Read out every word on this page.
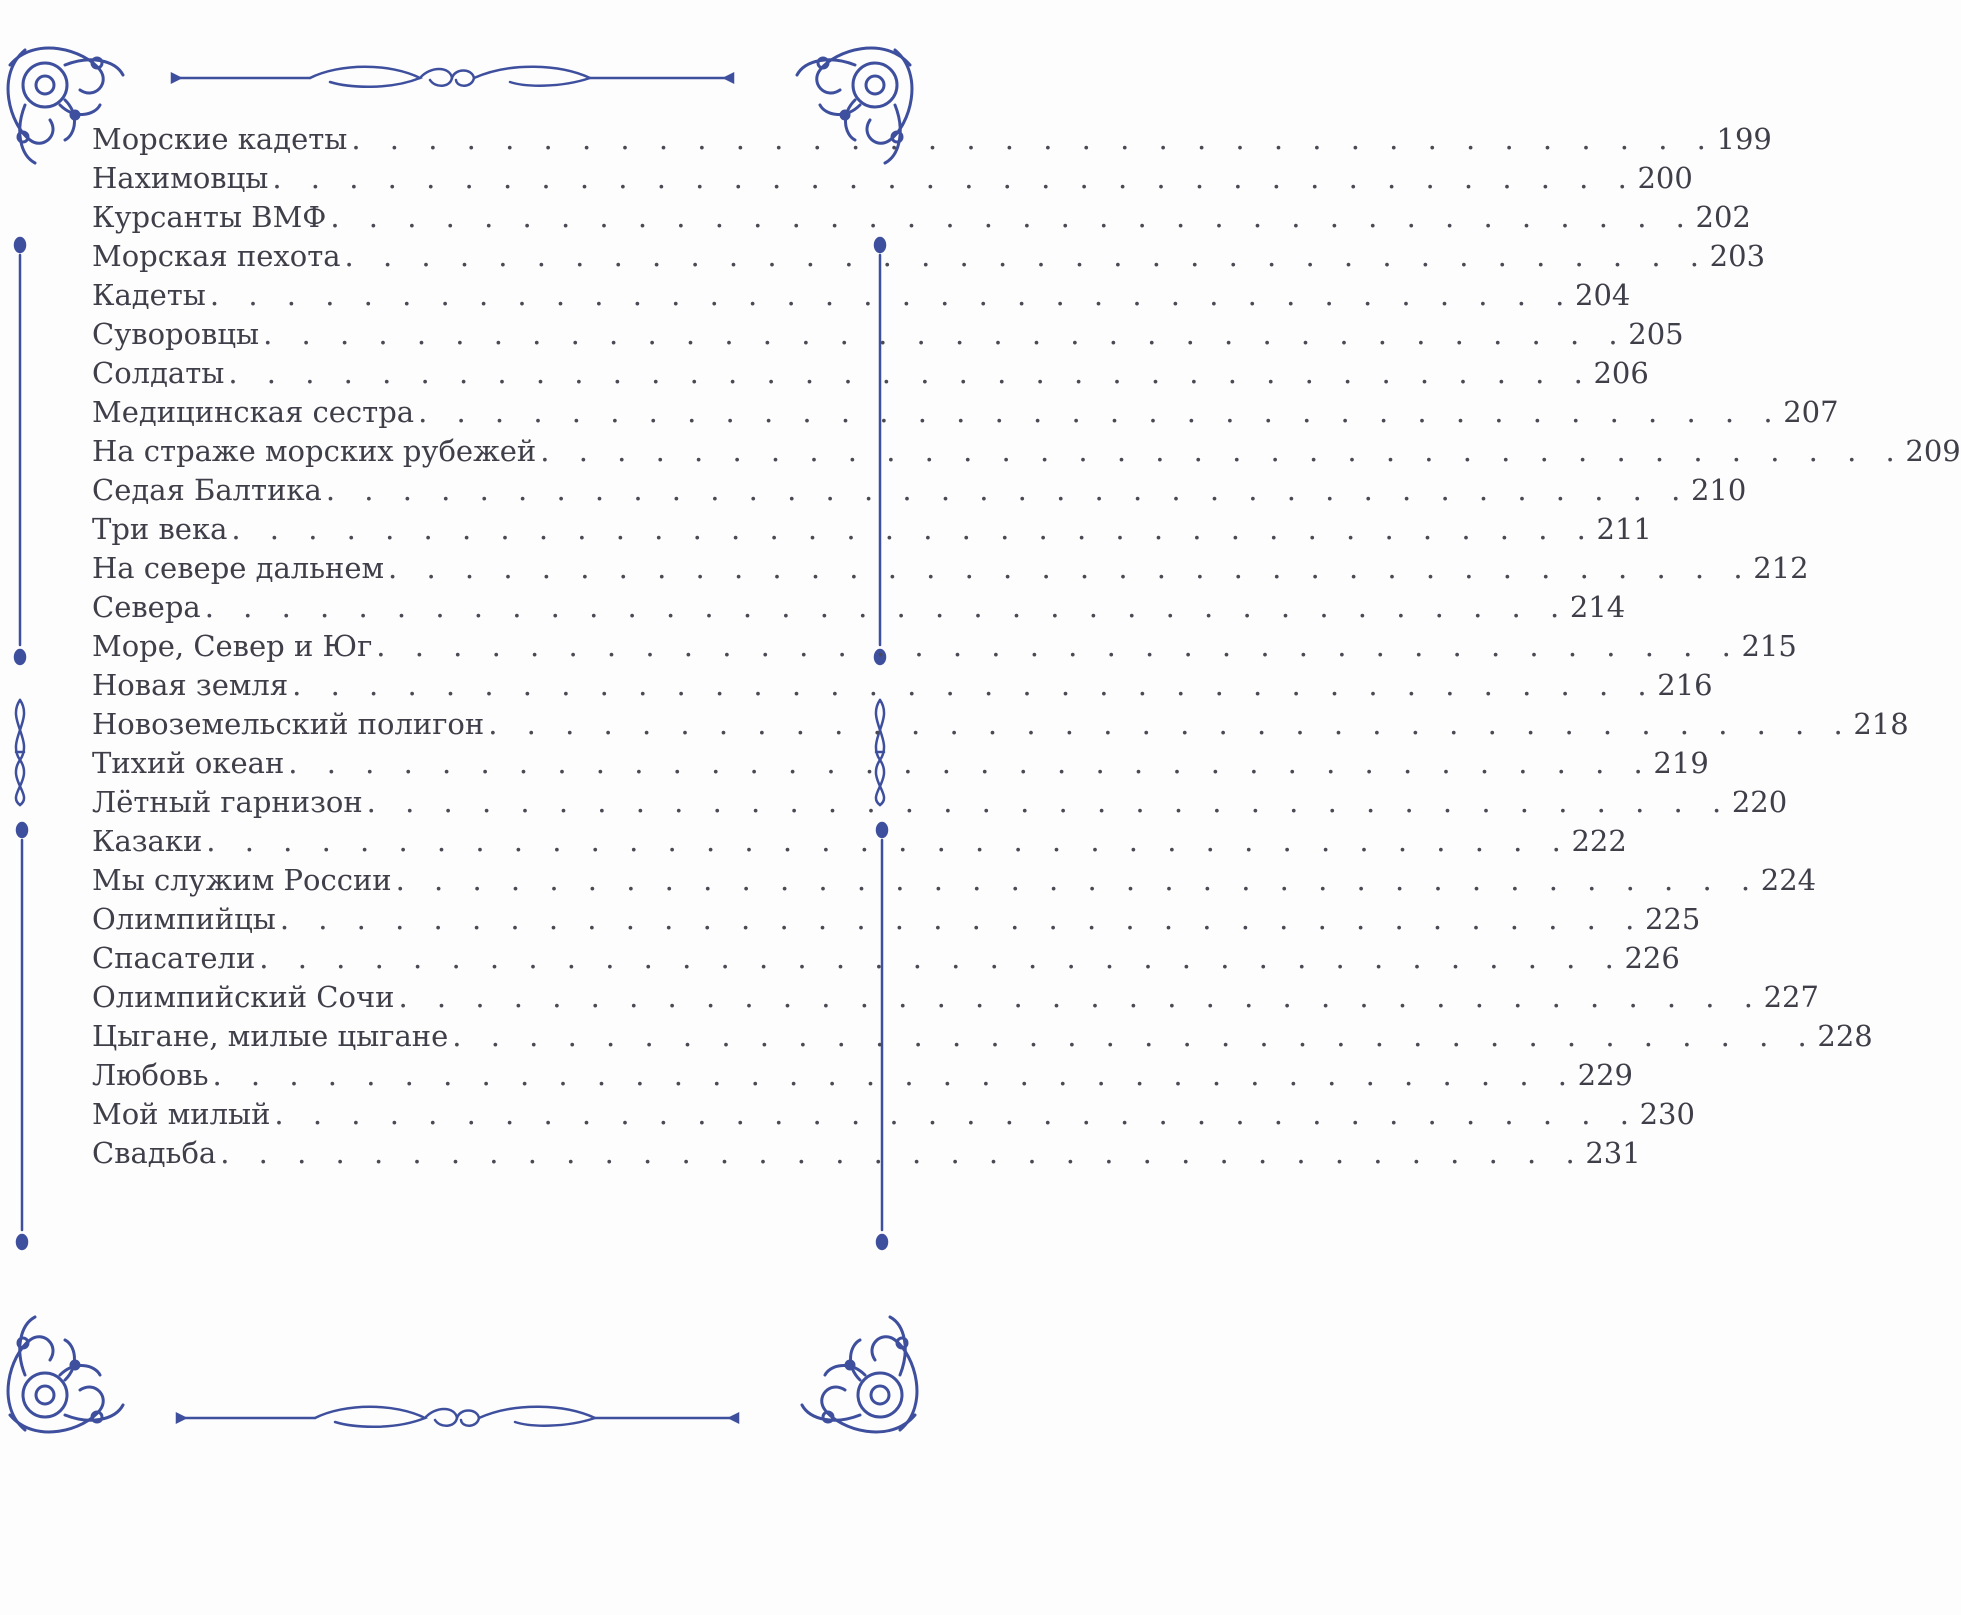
Морские кадеты . . . . . . . . . . . . . . . . . . . . . . . . . . . . . . . . . . . . 199
Нахимовцы . . . . . . . . . . . . . . . . . . . . . . . . . . . . . . . . . . . . 200
Курсанты ВМФ . . . . . . . . . . . . . . . . . . . . . . . . . . . . . . . . . . . . 202
Морская пехота . . . . . . . . . . . . . . . . . . . . . . . . . . . . . . . . . . . . 203
Кадеты . . . . . . . . . . . . . . . . . . . . . . . . . . . . . . . . . . . . 204
Суворовцы . . . . . . . . . . . . . . . . . . . . . . . . . . . . . . . . . . . . 205
Солдаты . . . . . . . . . . . . . . . . . . . . . . . . . . . . . . . . . . . . 206
Медицинская сестра . . . . . . . . . . . . . . . . . . . . . . . . . . . . . . . . . . . . 207
На страже морских рубежей . . . . . . . . . . . . . . . . . . . . . . . . . . . . . . . . . . . . 209
Седая Балтика . . . . . . . . . . . . . . . . . . . . . . . . . . . . . . . . . . . . 210
Три века . . . . . . . . . . . . . . . . . . . . . . . . . . . . . . . . . . . . 211
На севере дальнем . . . . . . . . . . . . . . . . . . . . . . . . . . . . . . . . . . . . 212
Севера . . . . . . . . . . . . . . . . . . . . . . . . . . . . . . . . . . . . 214
Море, Север и Юг . . . . . . . . . . . . . . . . . . . . . . . . . . . . . . . . . . . . 215
Новая земля . . . . . . . . . . . . . . . . . . . . . . . . . . . . . . . . . . . . 216
Новоземельский полигон . . . . . . . . . . . . . . . . . . . . . . . . . . . . . . . . . . . . 218
Тихий океан . . . . . . . . . . . . . . . . . . . . . . . . . . . . . . . . . . . . 219
Лётный гарнизон . . . . . . . . . . . . . . . . . . . . . . . . . . . . . . . . . . . . 220
Казаки . . . . . . . . . . . . . . . . . . . . . . . . . . . . . . . . . . . . 222
Мы служим России . . . . . . . . . . . . . . . . . . . . . . . . . . . . . . . . . . . . 224
Олимпийцы . . . . . . . . . . . . . . . . . . . . . . . . . . . . . . . . . . . . 225
Спасатели . . . . . . . . . . . . . . . . . . . . . . . . . . . . . . . . . . . . 226
Олимпийский Сочи . . . . . . . . . . . . . . . . . . . . . . . . . . . . . . . . . . . . 227
Цыгане, милые цыгане . . . . . . . . . . . . . . . . . . . . . . . . . . . . . . . . . . . . 228
Любовь . . . . . . . . . . . . . . . . . . . . . . . . . . . . . . . . . . . . 229
Мой милый . . . . . . . . . . . . . . . . . . . . . . . . . . . . . . . . . . . . 230
Свадьба . . . . . . . . . . . . . . . . . . . . . . . . . . . . . . . . . . . . 231
